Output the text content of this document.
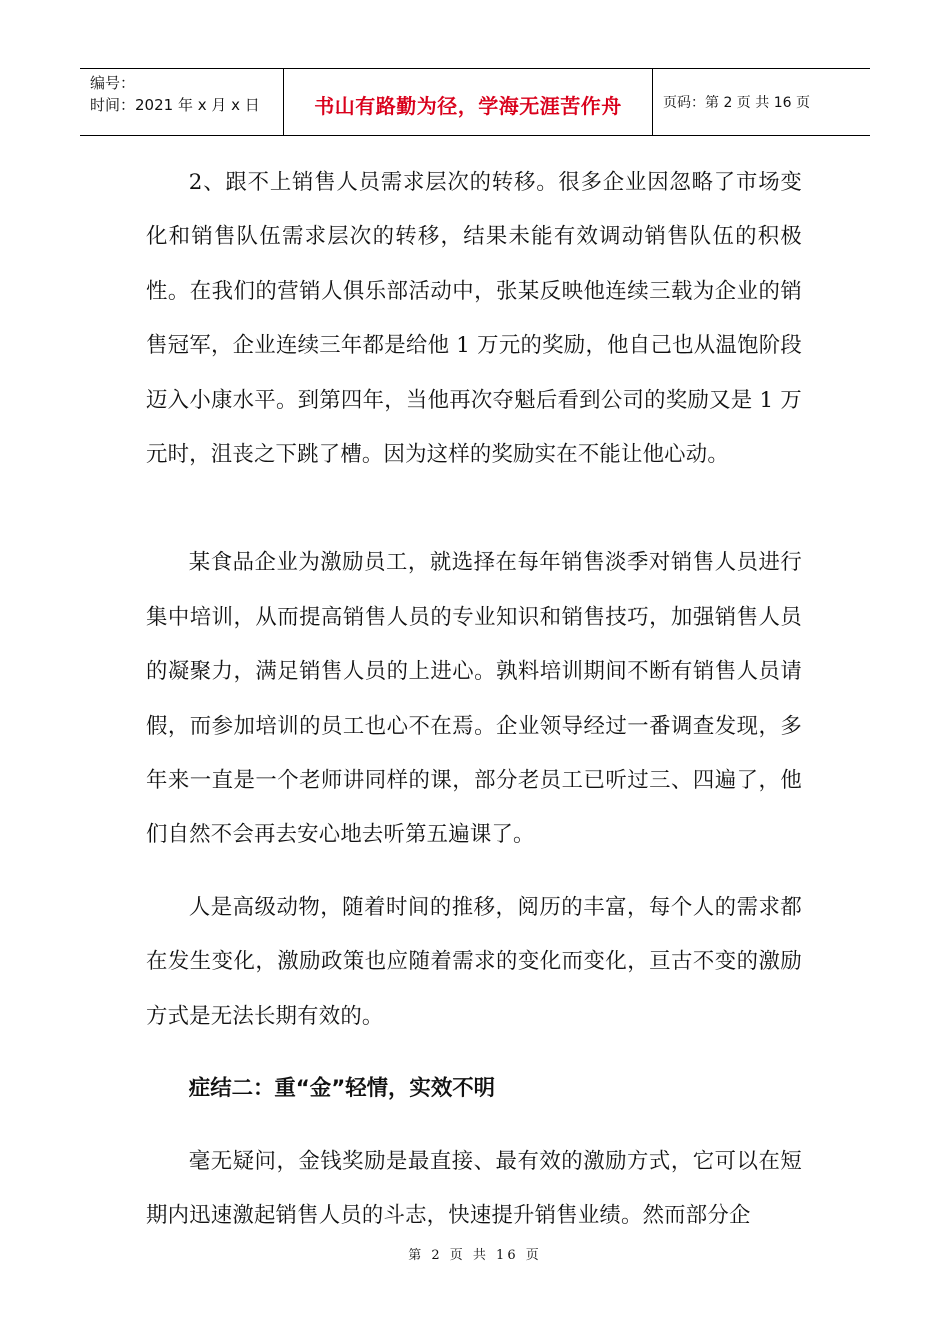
编号：
时间：2021 年 x 月 x 日	书山有路勤为径，学海无涯苦作舟	页码：第 2 页 共 16 页

2、跟不上销售人员需求层次的转移。很多企业因忽略了市场变化和销售队伍需求层次的转移，结果未能有效调动销售队伍的积极性。在我们的营销人俱乐部活动中，张某反映他连续三载为企业的销售冠军，企业连续三年都是给他 1 万元的奖励，他自己也从温饱阶段迈入小康水平。到第四年，当他再次夺魁后看到公司的奖励又是 1 万元时，沮丧之下跳了槽。因为这样的奖励实在不能让他心动。

某食品企业为激励员工，就选择在每年销售淡季对销售人员进行集中培训，从而提高销售人员的专业知识和销售技巧，加强销售人员的凝聚力，满足销售人员的上进心。孰料培训期间不断有销售人员请假，而参加培训的员工也心不在焉。企业领导经过一番调查发现，多年来一直是一个老师讲同样的课，部分老员工已听过三、四遍了，他们自然不会再去安心地去听第五遍课了。

人是高级动物，随着时间的推移，阅历的丰富，每个人的需求都在发生变化，激励政策也应随着需求的变化而变化，亘古不变的激励方式是无法长期有效的。

症结二：重“金”轻情，实效不明

毫无疑问，金钱奖励是最直接、最有效的激励方式，它可以在短期内迅速激起销售人员的斗志，快速提升销售业绩。然而部分企

第 2 页 共 16 页
